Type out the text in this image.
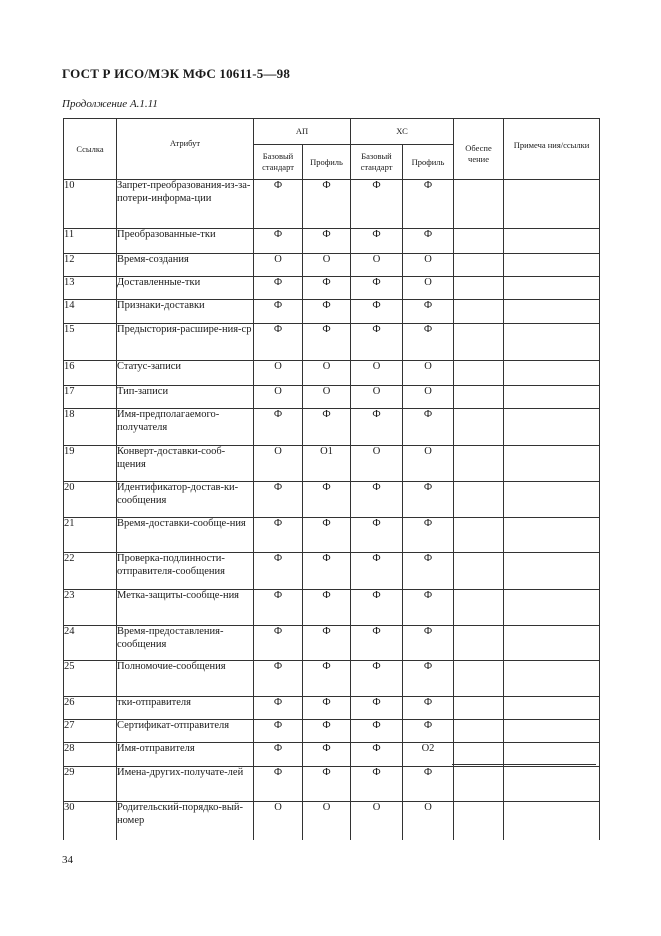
ГОСТ Р ИСО/МЭК МФС 10611-5—98
Продолжение А.1.11
Ссылка	Атрибут	АП		ХС		Обеспе чение	Примеча ния/ссылки
		Базовый стандарт	Профиль	Базовый стандарт	Профиль		
10	Запрет-преобразования-из-за-потери-информа-ции	Ф	Ф	Ф	Ф		
11	Преобразованные-тки	Ф	Ф	Ф	Ф		
12	Время-создания	О	О	О	О		
13	Доставленные-тки	Ф	Ф	Ф	О		
14	Признаки-доставки	Ф	Ф	Ф	Ф		
15	Предыстория-расшире-ния-ср	Ф	Ф	Ф	Ф		
16	Статус-записи	О	О	О	О		
17	Тип-записи	О	О	О	О		
18	Имя-предполагаемого-получателя	Ф	Ф	Ф	Ф		
19	Конверт-доставки-сооб-щения	О	О1	О	О		
20	Идентификатор-достав-ки-сообщения	Ф	Ф	Ф	Ф		
21	Время-доставки-сообще-ния	Ф	Ф	Ф	Ф		
22	Проверка-подлинности-отправителя-сообщения	Ф	Ф	Ф	Ф		
23	Метка-защиты-сообще-ния	Ф	Ф	Ф	Ф		
24	Время-предоставления-сообщения	Ф	Ф	Ф	Ф		
25	Полномочие-сообщения	Ф	Ф	Ф	Ф		
26	тки-отправителя	Ф	Ф	Ф	Ф		
27	Сертификат-отправителя	Ф	Ф	Ф	Ф		
28	Имя-отправителя	Ф	Ф	Ф	О2		
29	Имена-других-получате-лей	Ф	Ф	Ф	Ф		
30	Родительский-порядко-вый-номер	О	О	О	О		
34
